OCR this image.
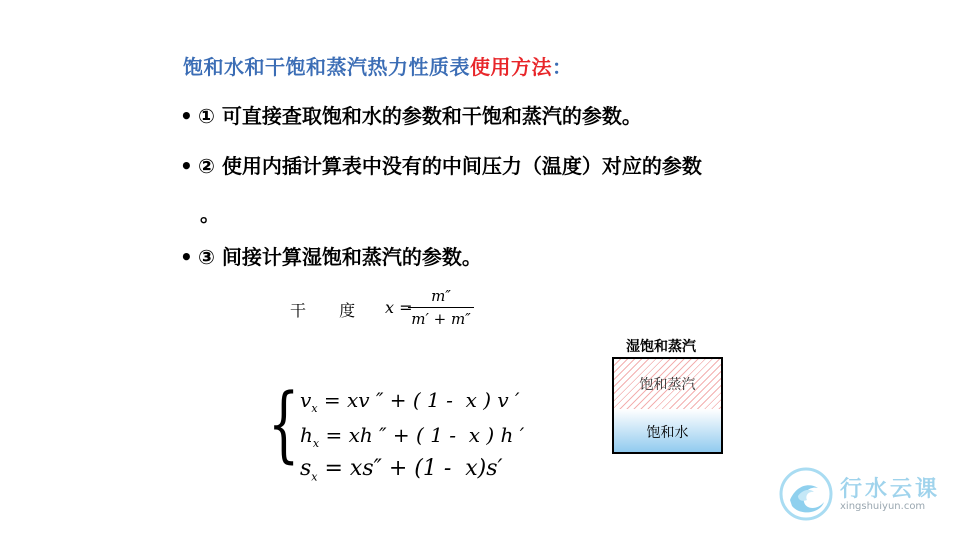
饱和水和干饱和蒸汽热力性质表使用方法：
• ① 可直接查取饱和水的参数和干饱和蒸汽的参数。
• ② 使用内插计算表中没有的中间压力（温度）对应的参数
。
• ③ 间接计算湿饱和蒸汽的参数。
干 度 x =
$\frac{m''}{m' + m''}$
{ $v_x$ = xv ″ + ( 1 -  x ) v ′
$h_x$ = xh ″ + ( 1 -  x ) h ′
$s_x = xs'' + (1 - x)s'$
湿饱和蒸汽
饱和蒸汽
饱和水
行水云课
xingshuiyun.com
